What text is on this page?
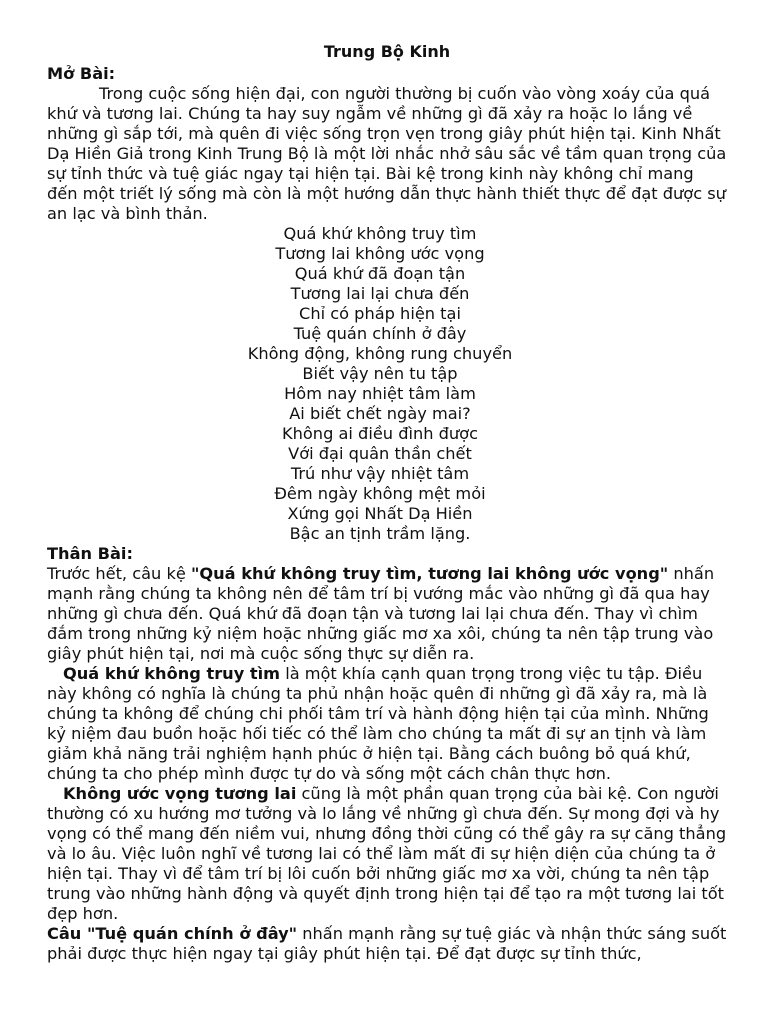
Trung Bộ Kinh

Mở Bài:

Trong cuộc sống hiện đại, con người thường bị cuốn vào vòng xoáy của quá khứ và tương lai. Chúng ta hay suy ngẫm về những gì đã xảy ra hoặc lo lắng về những gì sắp tới, mà quên đi việc sống trọn vẹn trong giây phút hiện tại. Kinh Nhất Dạ Hiền Giả trong Kinh Trung Bộ là một lời nhắc nhở sâu sắc về tầm quan trọng của sự tỉnh thức và tuệ giác ngay tại hiện tại. Bài kệ trong kinh này không chỉ mang đến một triết lý sống mà còn là một hướng dẫn thực hành thiết thực để đạt được sự an lạc và bình thản.

Quá khứ không truy tìm
Tương lai không ước vọng
Quá khứ đã đoạn tận
Tương lai lại chưa đến
Chỉ có pháp hiện tại
Tuệ quán chính ở đây
Không động, không rung chuyển
Biết vậy nên tu tập
Hôm nay nhiệt tâm làm
Ai biết chết ngày mai?
Không ai điều đình được
Với đại quân thần chết
Trú như vậy nhiệt tâm
Đêm ngày không mệt mỏi
Xứng gọi Nhất Dạ Hiền
Bậc an tịnh trầm lặng.

Thân Bài:

Trước hết, câu kệ "Quá khứ không truy tìm, tương lai không ước vọng" nhấn mạnh rằng chúng ta không nên để tâm trí bị vướng mắc vào những gì đã qua hay những gì chưa đến. Quá khứ đã đoạn tận và tương lai lại chưa đến. Thay vì chìm đắm trong những kỷ niệm hoặc những giấc mơ xa xôi, chúng ta nên tập trung vào giây phút hiện tại, nơi mà cuộc sống thực sự diễn ra.

Quá khứ không truy tìm là một khía cạnh quan trọng trong việc tu tập. Điều này không có nghĩa là chúng ta phủ nhận hoặc quên đi những gì đã xảy ra, mà là chúng ta không để chúng chi phối tâm trí và hành động hiện tại của mình. Những kỷ niệm đau buồn hoặc hối tiếc có thể làm cho chúng ta mất đi sự an tịnh và làm giảm khả năng trải nghiệm hạnh phúc ở hiện tại. Bằng cách buông bỏ quá khứ, chúng ta cho phép mình được tự do và sống một cách chân thực hơn.

Không ước vọng tương lai cũng là một phần quan trọng của bài kệ. Con người thường có xu hướng mơ tưởng và lo lắng về những gì chưa đến. Sự mong đợi và hy vọng có thể mang đến niềm vui, nhưng đồng thời cũng có thể gây ra sự căng thẳng và lo âu. Việc luôn nghĩ về tương lai có thể làm mất đi sự hiện diện của chúng ta ở hiện tại. Thay vì để tâm trí bị lôi cuốn bởi những giấc mơ xa vời, chúng ta nên tập trung vào những hành động và quyết định trong hiện tại để tạo ra một tương lai tốt đẹp hơn.

Câu "Tuệ quán chính ở đây" nhấn mạnh rằng sự tuệ giác và nhận thức sáng suốt phải được thực hiện ngay tại giây phút hiện tại. Để đạt được sự tỉnh thức,
